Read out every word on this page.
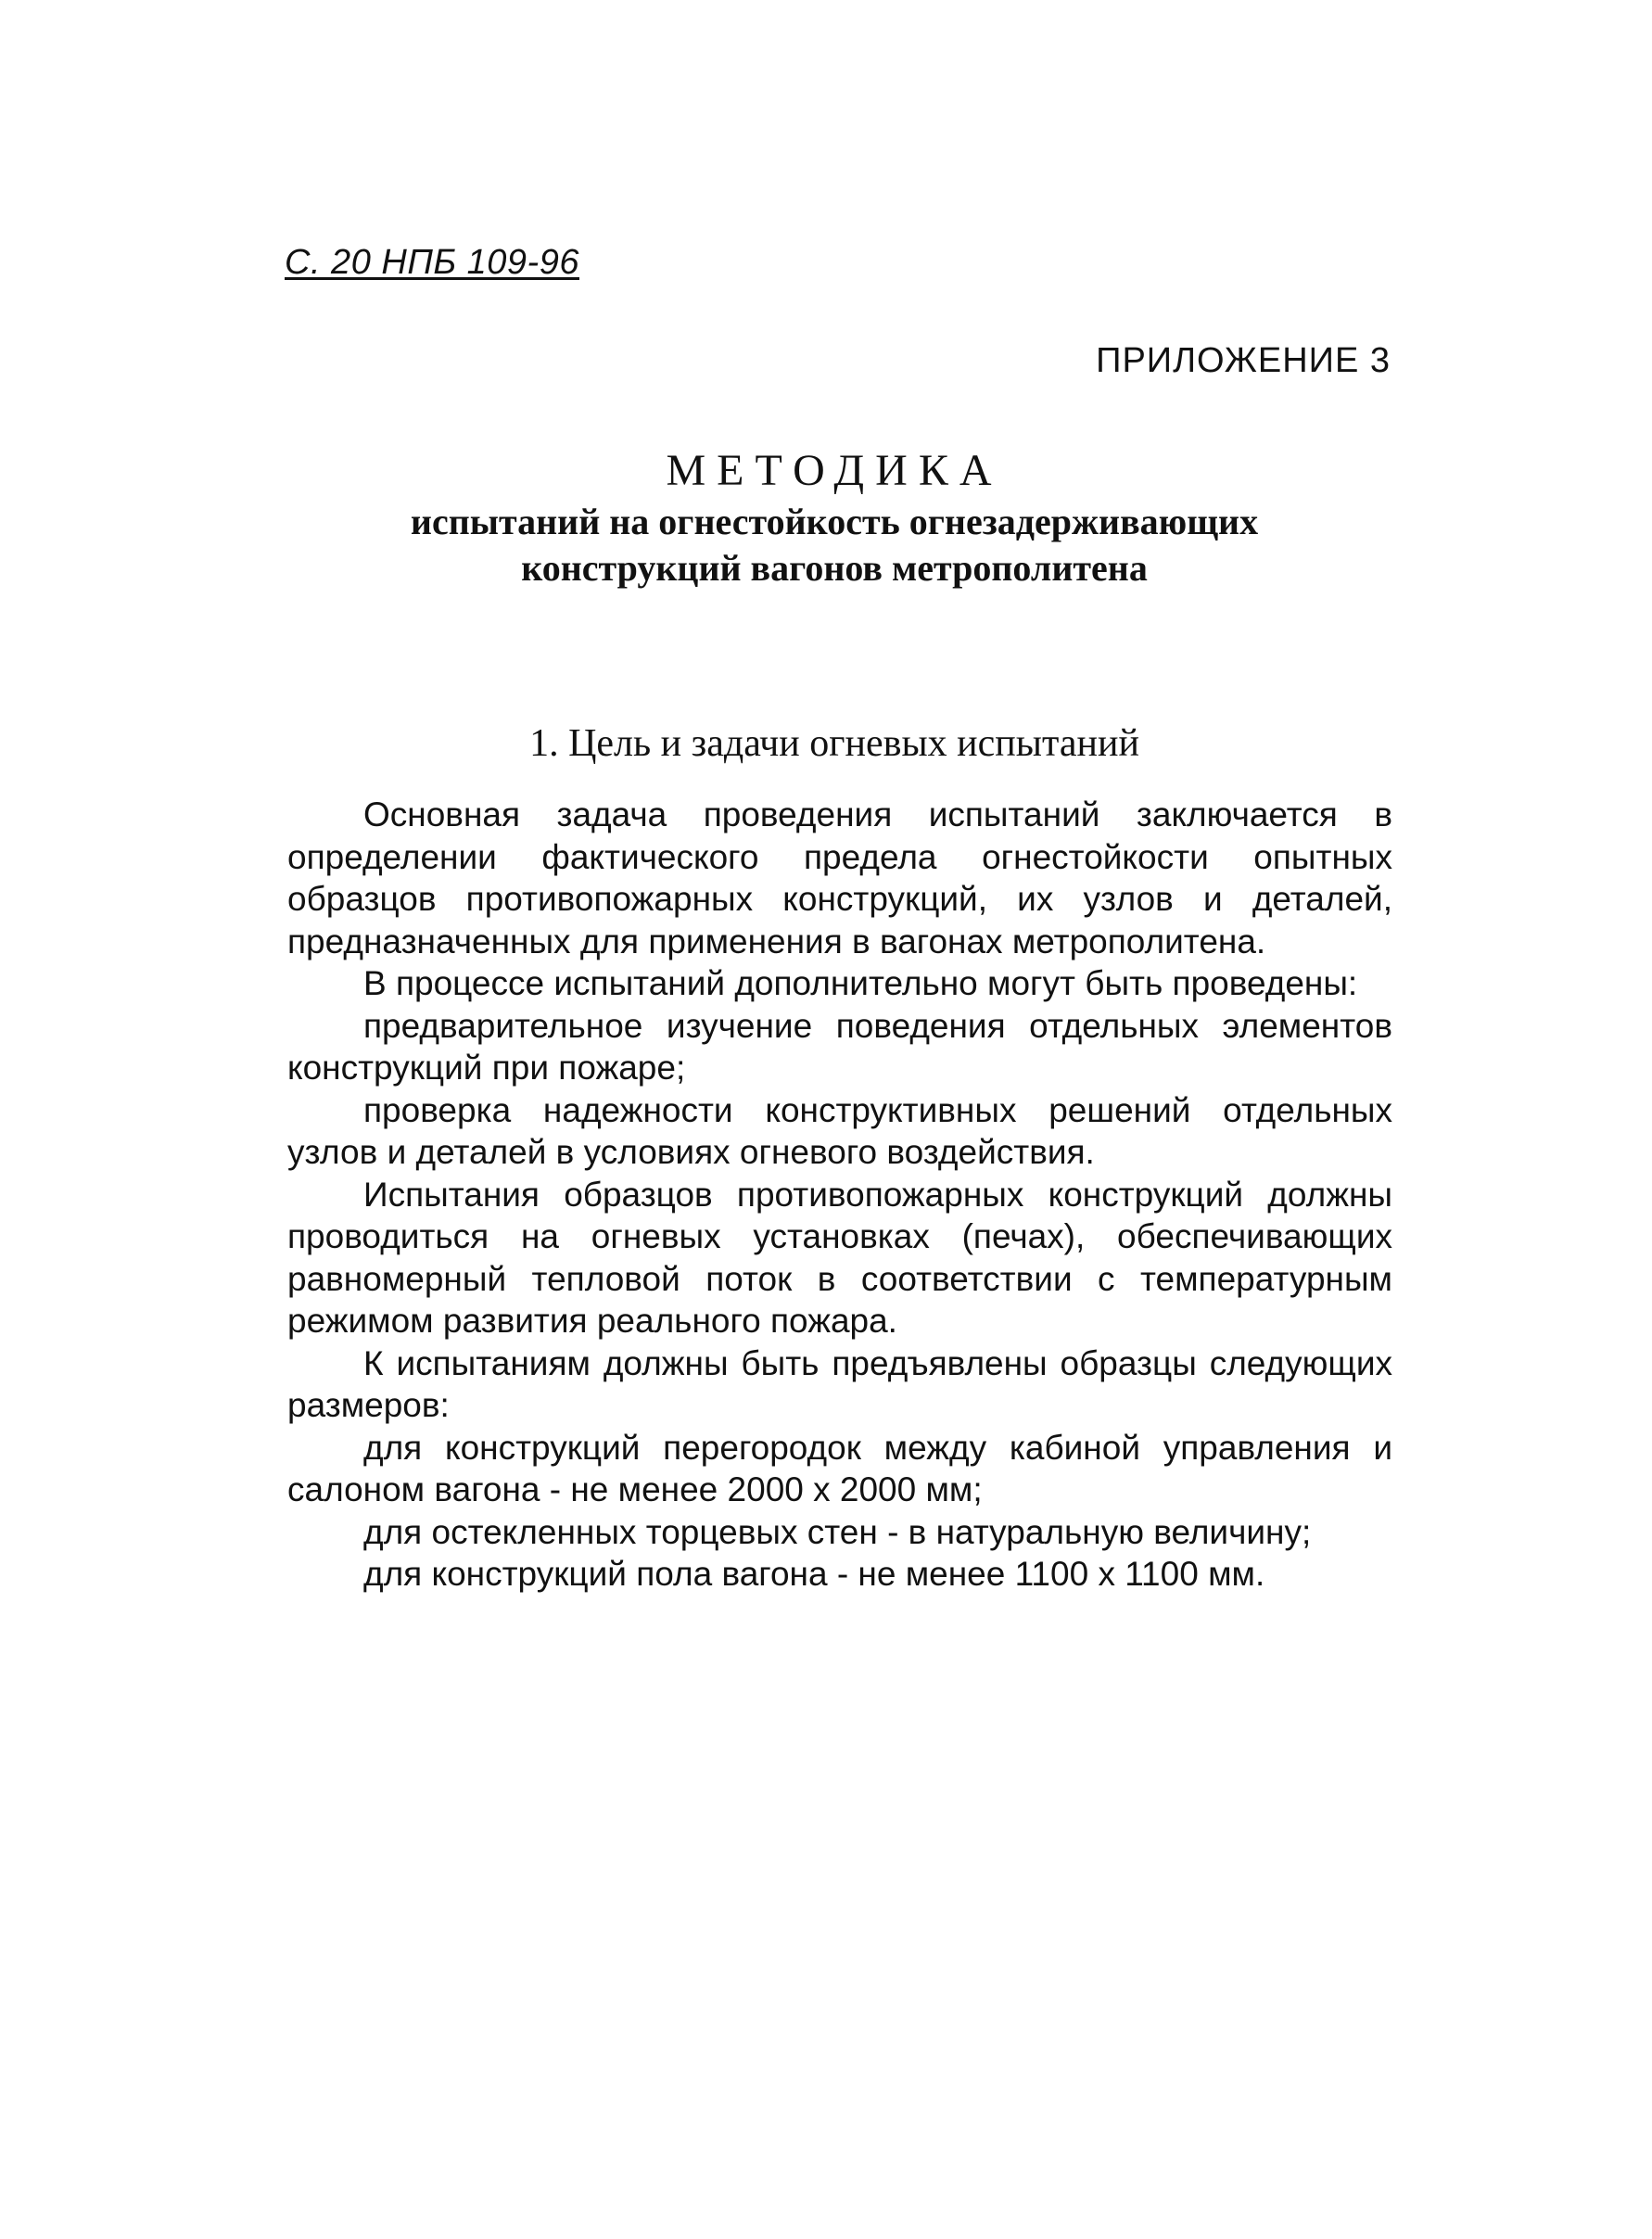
С. 20 НПБ 109-96
ПРИЛОЖЕНИЕ 3
МЕТОДИКА
испытаний на огнестойкость огнезадерживающих
конструкций вагонов метрополитена
1. Цель и задачи огневых испытаний

Основная задача проведения испытаний заключается в определении фактического предела огнестойкости опытных образцов противопожарных конструкций, их узлов и деталей, предназначенных для применения в вагонах метрополитена.

В процессе испытаний дополнительно могут быть проведены:

предварительное изучение поведения отдельных элементов конструкций при пожаре;

проверка надежности конструктивных решений отдельных узлов и деталей в условиях огневого воздействия.

Испытания образцов противопожарных конструкций должны проводиться на огневых установках (печах), обеспечивающих равномерный тепловой поток в соответствии с температурным режимом развития реального пожара.

К испытаниям должны быть предъявлены образцы следующих размеров:

для конструкций перегородок между кабиной управления и салоном вагона - не менее 2000 х 2000 мм;

для остекленных торцевых стен - в натуральную величину;

для конструкций пола вагона - не менее 1100 х 1100 мм.
